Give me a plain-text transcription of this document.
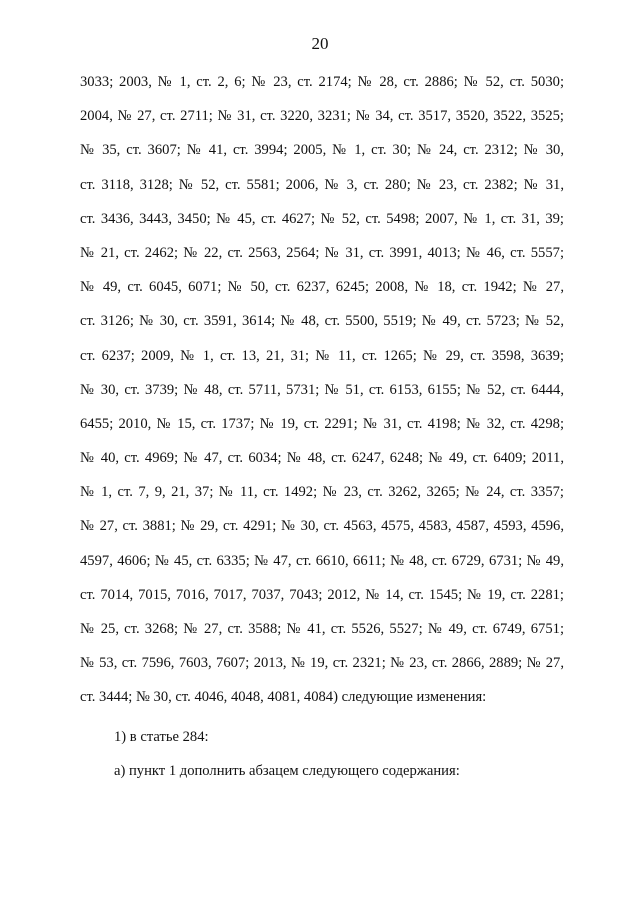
20
3033; 2003, № 1, ст. 2, 6; № 23, ст. 2174; № 28, ст. 2886; № 52, ст. 5030;
2004, № 27, ст. 2711; № 31, ст. 3220, 3231; № 34, ст. 3517, 3520, 3522, 3525;
№ 35, ст. 3607; № 41, ст. 3994; 2005, № 1, ст. 30; № 24, ст. 2312; № 30,
ст. 3118, 3128; № 52, ст. 5581; 2006, № 3, ст. 280; № 23, ст. 2382; № 31,
ст. 3436, 3443, 3450; № 45, ст. 4627; № 52, ст. 5498; 2007, № 1, ст. 31, 39;
№ 21, ст. 2462; № 22, ст. 2563, 2564; № 31, ст. 3991, 4013; № 46, ст. 5557;
№ 49, ст. 6045, 6071; № 50, ст. 6237, 6245; 2008, № 18, ст. 1942; № 27,
ст. 3126; № 30, ст. 3591, 3614; № 48, ст. 5500, 5519; № 49, ст. 5723; № 52,
ст. 6237; 2009, № 1, ст. 13, 21, 31; № 11, ст. 1265; № 29, ст. 3598, 3639;
№ 30, ст. 3739; № 48, ст. 5711, 5731; № 51, ст. 6153, 6155; № 52, ст. 6444,
6455; 2010, № 15, ст. 1737; № 19, ст. 2291; № 31, ст. 4198; № 32, ст. 4298;
№ 40, ст. 4969; № 47, ст. 6034; № 48, ст. 6247, 6248; № 49, ст. 6409; 2011,
№ 1, ст. 7, 9, 21, 37; № 11, ст. 1492; № 23, ст. 3262, 3265; № 24, ст. 3357;
№ 27, ст. 3881; № 29, ст. 4291; № 30, ст. 4563, 4575, 4583, 4587, 4593, 4596,
4597, 4606; № 45, ст. 6335; № 47, ст. 6610, 6611; № 48, ст. 6729, 6731; № 49,
ст. 7014, 7015, 7016, 7017, 7037, 7043; 2012, № 14, ст. 1545; № 19, ст. 2281;
№ 25, ст. 3268; № 27, ст. 3588; № 41, ст. 5526, 5527; № 49, ст. 6749, 6751;
№ 53, ст. 7596, 7603, 7607; 2013, № 19, ст. 2321; № 23, ст. 2866, 2889; № 27,
ст. 3444; № 30, ст. 4046, 4048, 4081, 4084) следующие изменения:
1) в статье 284:
а) пункт 1 дополнить абзацем следующего содержания:
